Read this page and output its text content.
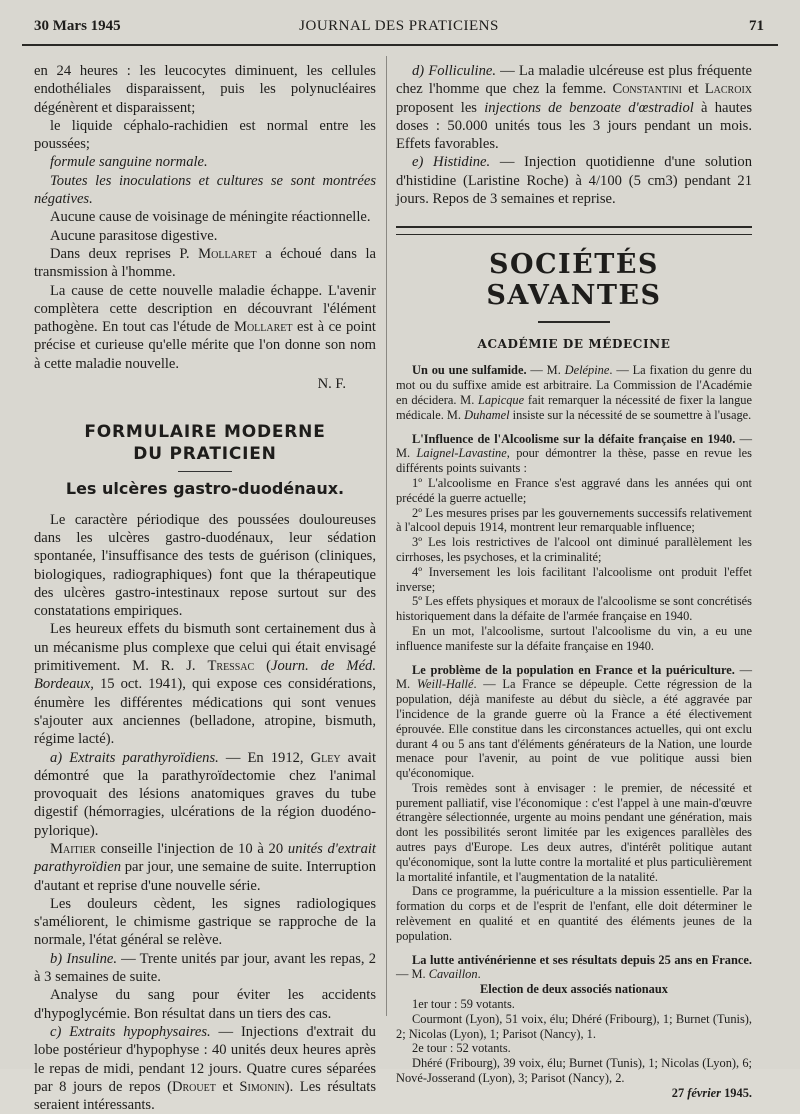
30 Mars 1945	JOURNAL DES PRATICIENS	71

en 24 heures : les leucocytes diminuent, les cellules endothéliales disparaissent, puis les polynucléaires dégénèrent et disparaissent;

le liquide céphalo-rachidien est normal entre les poussées;

formule sanguine normale.

Toutes les inoculations et cultures se sont montrées négatives.

Aucune cause de voisinage de méningite réactionnelle.

Aucune parasitose digestive.

Dans deux reprises P. Mollaret a échoué dans la transmission à l'homme.

La cause de cette nouvelle maladie échappe. L'avenir complètera cette description en découvrant l'élément pathogène. En tout cas l'étude de Mollaret est à ce point précise et curieuse qu'elle mérite que l'on donne son nom à cette maladie nouvelle.

N. F.

FORMULAIRE MODERNE
DU PRATICIEN
Les ulcères gastro-duodénaux.

Le caractère périodique des poussées douloureuses dans les ulcères gastro-duodénaux, leur sédation spontanée, l'insuffisance des tests de guérison (cliniques, biologiques, radiographiques) font que la thérapeutique des ulcères gastro-intestinaux repose surtout sur des constatations empiriques.

Les heureux effets du bismuth sont certainement dus à un mécanisme plus complexe que celui qui était envisagé primitivement. M. R. J. Tressac (Journ. de Méd. Bordeaux, 15 oct. 1941), qui expose ces considérations, énumère les différentes médications qui sont venues s'ajouter aux anciennes (belladone, atropine, bismuth, régime lacté).

a) Extraits parathyroïdiens. — En 1912, Gley avait démontré que la parathyroïdectomie chez l'animal provoquait des lésions anatomiques graves du tube digestif (hémorragies, ulcérations de la région duodéno-pylorique).

Maitier conseille l'injection de 10 à 20 unités d'extrait parathyroïdien par jour, une semaine de suite. Interruption d'autant et reprise d'une nouvelle série.

Les douleurs cèdent, les signes radiologiques s'améliorent, le chimisme gastrique se rapproche de la normale, l'état général se relève.

b) Insuline. — Trente unités par jour, avant les repas, 2 à 3 semaines de suite.

Analyse du sang pour éviter les accidents d'hypoglycémie. Bon résultat dans un tiers des cas.

c) Extraits hypophysaires. — Injections d'extrait du lobe postérieur d'hypophyse : 40 unités deux heures après le repas de midi, pendant 12 jours. Quatre cures séparées par 8 jours de repos (Drouet et Simonin). Les résultats seraient intéressants.

d) Folliculine. — La maladie ulcéreuse est plus fréquente chez l'homme que chez la femme. Constantini et Lacroix proposent les injections de benzoate d'œstradiol à hautes doses : 50.000 unités tous les 3 jours pendant un mois. Effets favorables.

e) Histidine. — Injection quotidienne d'une solution d'histidine (Laristine Roche) à 4/100 (5 cm3) pendant 21 jours. Repos de 3 semaines et reprise.

SOCIÉTÉS SAVANTES
ACADÉMIE DE MÉDECINE

Un ou une sulfamide. — M. Delépine. — La fixation du genre du mot ou du suffixe amide est arbitraire. La Commission de l'Académie en décidera. M. Lapicque fait remarquer la nécessité de fixer la langue médicale. M. Duhamel insiste sur la nécessité de se soumettre à l'usage.

L'Influence de l'Alcoolisme sur la défaite française en 1940. — M. Laignel-Lavastine, pour démontrer la thèse, passe en revue les différents points suivants :

1º L'alcoolisme en France s'est aggravé dans les années qui ont précédé la guerre actuelle;

2º Les mesures prises par les gouvernements successifs relativement à l'alcool depuis 1914, montrent leur remarquable influence;

3º Les lois restrictives de l'alcool ont diminué parallèlement les cirrhoses, les psychoses, et la criminalité;

4º Inversement les lois facilitant l'alcoolisme ont produit l'effet inverse;

5º Les effets physiques et moraux de l'alcoolisme se sont concrétisés historiquement dans la défaite de l'armée française en 1940.

En un mot, l'alcoolisme, surtout l'alcoolisme du vin, a eu une influence manifeste sur la défaite française en 1940.

Le problème de la population en France et la puériculture. — M. Weill-Hallé. — La France se dépeuple. Cette régression de la population, déjà manifeste au début du siècle, a été aggravée par l'incidence de la grande guerre où la France a été électivement éprouvée. Elle constitue dans les circonstances actuelles, qui ont exclu durant 4 ou 5 ans tant d'éléments générateurs de la Nation, une lourde menace pour l'avenir, au point de vue politique aussi bien qu'économique.

Trois remèdes sont à envisager : le premier, de nécessité et purement palliatif, vise l'économique : c'est l'appel à une main-d'œuvre étrangère sélectionnée, urgente au moins pendant une génération, mais dont les possibilités seront limitée par les exigences parallèles des autres pays d'Europe. Les deux autres, d'intérêt politique autant qu'économique, sont la lutte contre la mortalité et plus particulièrement la mortalité infantile, et l'augmentation de la natalité.

Dans ce programme, la puériculture a la mission essentielle. Par la formation du corps et de l'esprit de l'enfant, elle doit déterminer le relèvement en qualité et en quantité des éléments jeunes de la population.

La lutte antivénérienne et ses résultats depuis 25 ans en France. — M. Cavaillon.

Election de deux associés nationaux

1er tour : 59 votants.

Courmont (Lyon), 51 voix, élu; Dhéré (Fribourg), 1; Burnet (Tunis), 2; Nicolas (Lyon), 1; Parisot (Nancy), 1.

2e tour : 52 votants.

Dhéré (Fribourg), 39 voix, élu; Burnet (Tunis), 1; Nicolas (Lyon), 6; Nové-Josserand (Lyon), 3; Parisot (Nancy), 2.

27 février 1945.
